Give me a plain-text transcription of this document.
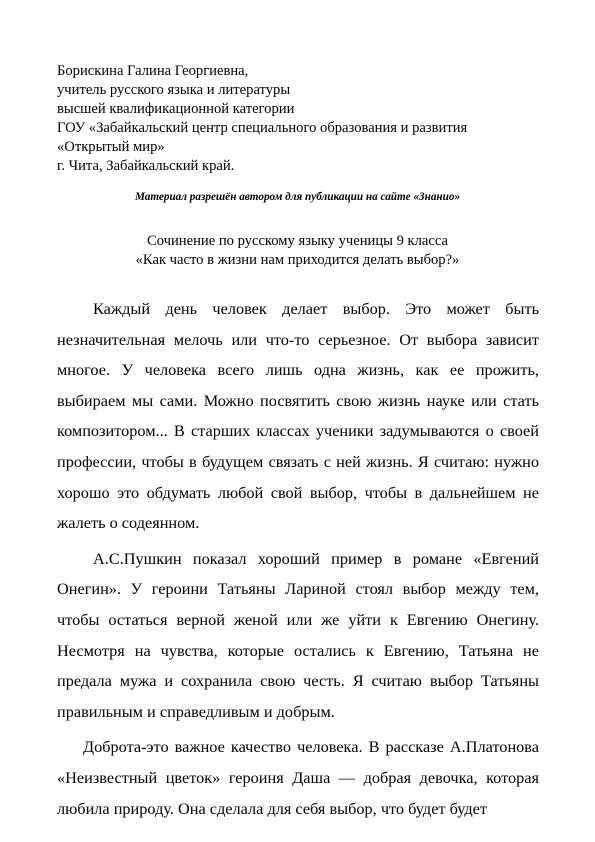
Борискина Галина Георгиевна,
учитель русского языка и литературы
высшей квалификационной категории
ГОУ «Забайкальский центр специального образования и развития
«Открытый мир»
г. Чита, Забайкальский край.
Материал разрешён автором для публикации на сайте «Знанио»
Сочинение по русскому языку ученицы 9 класса
«Как часто в жизни нам приходится делать выбор?»

Каждый день человек делает выбор. Это может быть незначительная мелочь или что-то серьезное. От выбора зависит многое. У человека всего лишь одна жизнь, как ее прожить, выбираем мы сами. Можно посвятить свою жизнь науке или стать композитором... В старших классах ученики задумываются о своей профессии, чтобы в будущем связать с ней жизнь. Я считаю: нужно хорошо это обдумать любой свой выбор, чтобы в дальнейшем не жалеть о содеянном.

А.С.Пушкин показал хороший пример в романе «Евгений Онегин». У героини Татьяны Лариной стоял выбор между тем, чтобы остаться верной женой или же уйти к Евгению Онегину. Несмотря на чувства, которые остались к Евгению, Татьяна не предала мужа и сохранила свою честь. Я считаю выбор Татьяны правильным и справедливым и добрым.

Доброта-это важное качество человека. В рассказе А.Платонова «Неизвестный цветок» героиня Даша — добрая девочка, которая любила природу. Она сделала для себя выбор, что будет будет
